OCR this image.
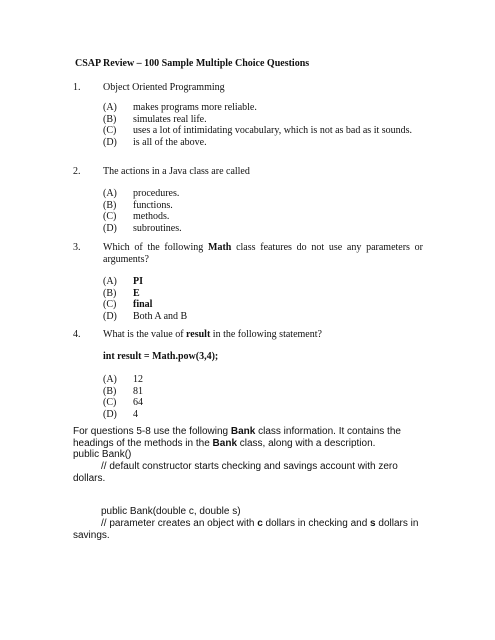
CSAP Review – 100 Sample Multiple Choice Questions
1. Object Oriented Programming
(A) makes programs more reliable.
(B) simulates real life.
(C) uses a lot of intimidating vocabulary, which is not as bad as it sounds.
(D) is all of the above.
2. The actions in a Java class are called
(A) procedures.
(B) functions.
(C) methods.
(D) subroutines.
3. Which of the following Math class features do not use any parameters or arguments?
(A) PI
(B) E
(C) final
(D) Both A and B
4. What is the value of result in the following statement?
int result = Math.pow(3,4);
(A) 12
(B) 81
(C) 64
(D) 4
For questions 5-8 use the following Bank class information. It contains the headings of the methods in the Bank class, along with a description.
public Bank()
// default constructor starts checking and savings account with zero dollars.
public Bank(double c, double s)
// parameter creates an object with c dollars in checking and s dollars in savings.
